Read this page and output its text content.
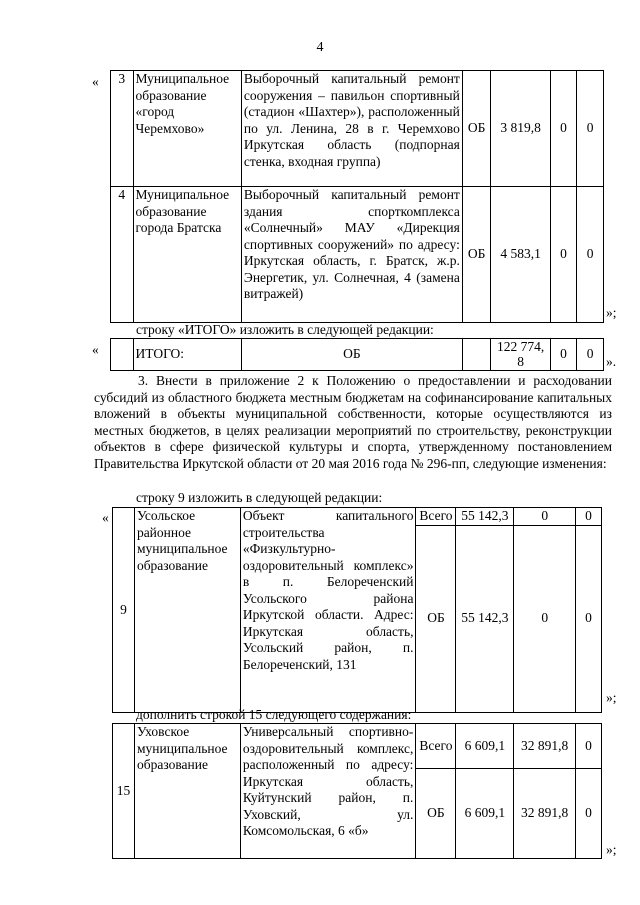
4
« 3	Муниципальное образование «город Черемхово»	Выборочный капитальный ремонт сооружения – павильон спортивный (стадион «Шахтер»), расположенный по ул. Ленина, 28 в г. Черемхово Иркутская область (подпорная стенка, входная группа)	ОБ	3 819,8	0	0
4	Муниципальное образование города Братска	Выборочный капитальный ремонт здания спорткомплекса «Солнечный» МАУ «Дирекция спортивных сооружений» по адресу: Иркутская область, г. Братск, ж.р. Энергетик, ул. Солнечная, 4 (замена витражей)	ОБ	4 583,1	0	0
»;
строку «ИТОГО» изложить в следующей редакции:
«
		ИТОГО:	ОБ		122 774, 8	0	0
».
3. Внести в приложение 2 к Положению о предоставлении и расходовании субсидий из областного бюджета местным бюджетам на софинансирование капитальных вложений в объекты муниципальной собственности, которые осуществляются из местных бюджетов, в целях реализации мероприятий по строительству, реконструкции объектов в сфере физической культуры и спорта, утвержденному постановлением Правительства Иркутской области от 20 мая 2016 года № 296-пп, следующие изменения:
строку 9 изложить в следующей редакции:
«
9	Усольское районное муниципальное образование	Объект капитального строительства «Физкультурно-оздоровительный комплекс» в п. Белореченский Усольского района Иркутской области. Адрес: Иркутская область, Усольский район, п. Белореченский, 131	Всего	55 142,3	0	0
			ОБ	55 142,3	0	0
»;
дополнить строкой 15 следующего содержания:
15	Уховское муниципальное образование	Универсальный спортивно-оздоровительный комплекс, расположенный по адресу: Иркутская область, Куйтунский район, п. Уховский, ул. Комсомольская, 6 «б»	Всего	6 609,1	32 891,8	0
			ОБ	6 609,1	32 891,8	0
»;
